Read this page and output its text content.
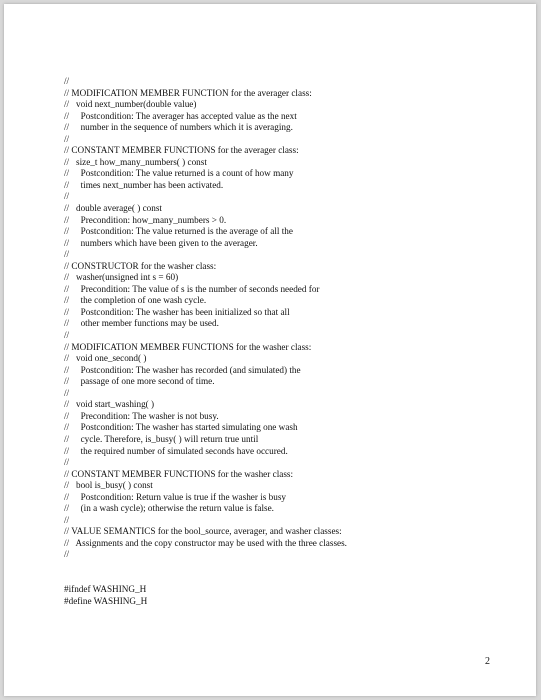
//
// MODIFICATION MEMBER FUNCTION for the averager class:
//   void next_number(double value)
//     Postcondition: The averager has accepted value as the next
//     number in the sequence of numbers which it is averaging.
//
// CONSTANT MEMBER FUNCTIONS for the averager class:
//   size_t how_many_numbers( ) const
//     Postcondition: The value returned is a count of how many
//     times next_number has been activated.
//
//   double average( ) const
//     Precondition: how_many_numbers > 0.
//     Postcondition: The value returned is the average of all the
//     numbers which have been given to the averager.
//
// CONSTRUCTOR for the washer class:
//   washer(unsigned int s = 60)
//     Precondition: The value of s is the number of seconds needed for
//     the completion of one wash cycle.
//     Postcondition: The washer has been initialized so that all
//     other member functions may be used.
//
// MODIFICATION MEMBER FUNCTIONS for the washer class:
//   void one_second( )
//     Postcondition: The washer has recorded (and simulated) the
//     passage of one more second of time.
//
//   void start_washing( )
//     Precondition: The washer is not busy.
//     Postcondition: The washer has started simulating one wash
//     cycle. Therefore, is_busy( ) will return true until
//     the required number of simulated seconds have occured.
//
// CONSTANT MEMBER FUNCTIONS for the washer class:
//   bool is_busy( ) const
//     Postcondition: Return value is true if the washer is busy
//     (in a wash cycle); otherwise the return value is false.
//
// VALUE SEMANTICS for the bool_source, averager, and washer classes:
//   Assignments and the copy constructor may be used with the three classes.
//
#ifndef WASHING_H
#define WASHING_H
2
